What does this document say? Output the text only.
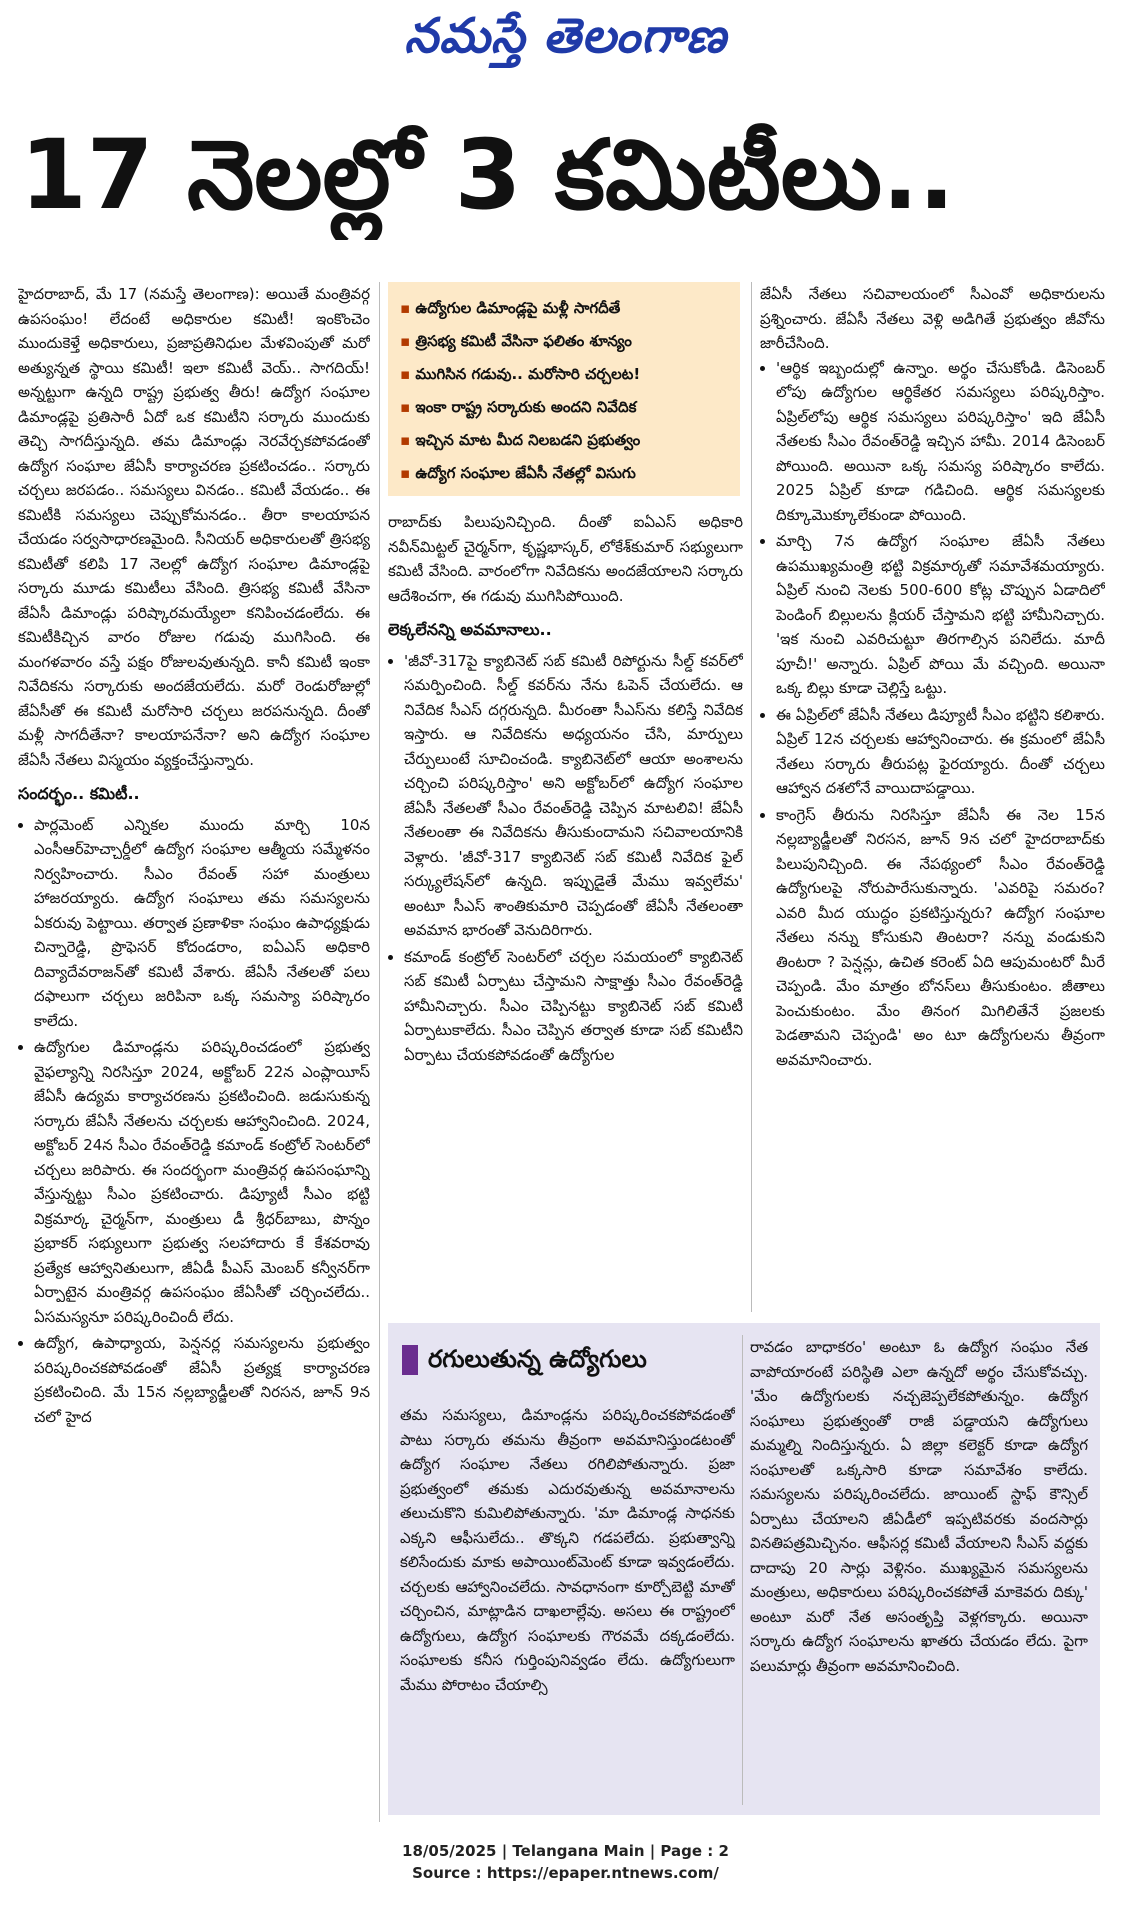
నమస్తే తెలంగాణ
17 నెలల్లో 3 కమిటీలు..

హైదరాబాద్, మే 17 (నమస్తే తెలంగాణ): అయితే మంత్రివర్గ ఉపసంఘం! లేదంటే అధికారుల కమిటీ! ఇంకొంచెం ముందుకెళ్తే అధికారులు, ప్రజాప్రతినిధుల మేళవింపుతో మరో అత్యున్నత స్థాయి కమిటీ! ఇలా కమిటీ వెయ్.. సాగదియ్! అన్నట్టుగా ఉన్నది రాష్ట్ర ప్రభుత్వ తీరు! ఉద్యోగ సంఘాల డిమాండ్లపై ప్రతిసారీ ఏదో ఒక కమిటీని సర్కారు ముందుకు తెచ్చి సాగదీస్తున్నది. తమ డిమాండ్లు నెరవేర్చకపోవడంతో ఉద్యోగ సంఘాల జేఏసీ కార్యాచరణ ప్రకటించడం.. సర్కారు చర్చలు జరపడం.. సమస్యలు వినడం.. కమిటీ వేయడం.. ఈ కమిటీకి సమస్యలు చెప్పుకోమనడం.. తీరా కాలయాపన చేయడం సర్వసాధారణమైంది. సీనియర్ అధికారులతో త్రిసభ్య కమిటీతో కలిపి 17 నెలల్లో ఉద్యోగ సంఘాల డిమాండ్లపై సర్కారు మూడు కమిటీలు వేసింది. త్రిసభ్య కమిటీ వేసినా జేఏసీ డిమాండ్లు పరిష్కారమయ్యేలా కనిపించడంలేదు. ఈ కమిటీకిచ్చిన వారం రోజుల గడువు ముగిసింది. ఈ మంగళవారం వస్తే పక్షం రోజులవుతున్నది. కానీ కమిటీ ఇంకా నివేదికను సర్కారుకు అందజేయలేదు. మరో రెండురోజుల్లో జేఏసీతో ఈ కమిటీ మరోసారి చర్చలు జరపనున్నది. దీంతో మళ్లీ సాగదీతేనా? కాలయాపనేనా? అని ఉద్యోగ సంఘాల జేఏసీ నేతలు విస్మయం వ్యక్తంచేస్తున్నారు.

సందర్భం.. కమిటీ..
• పార్లమెంట్ ఎన్నికల ముందు మార్చి 10న ఎంసీఆర్‌హెచ్చార్డీలో ఉద్యోగ సంఘాల ఆత్మీయ సమ్మేళనం నిర్వహించారు. సీఎం రేవంత్ సహా మంత్రులు హాజరయ్యారు. ఉద్యోగ సంఘాలు తమ సమస్యలను ఏకరువు పెట్టాయి. తర్వాత ప్రణాళికా సంఘం ఉపాధ్యక్షుడు చిన్నారెడ్డి, ప్రొఫెసర్ కోదండరాం, ఐఏఎస్ అధికారి దివ్యాదేవరాజన్‌తో కమిటీ వేశారు. జేఏసీ నేతలతో పలు దఫాలుగా చర్చలు జరిపినా ఒక్క సమస్యా పరిష్కారం కాలేదు.
• ఉద్యోగుల డిమాండ్లను పరిష్కరించడంలో ప్రభుత్వ వైఫల్యాన్ని నిరసిస్తూ 2024, అక్టోబర్ 22న ఎంప్లాయీస్ జేఏసీ ఉద్యమ కార్యాచరణను ప్రకటించింది. జడుసుకున్న సర్కారు జేఏసీ నేతలను చర్చలకు ఆహ్వానించింది. 2024, అక్టోబర్ 24న సీఎం రేవంత్‌రెడ్డి కమాండ్ కంట్రోల్ సెంటర్‌లో చర్చలు జరిపారు. ఈ సందర్భంగా మంత్రివర్గ ఉపసంఘాన్ని వేస్తున్నట్టు సీఎం ప్రకటించారు. డిప్యూటీ సీఎం భట్టి విక్రమార్క చైర్మన్‌గా, మంత్రులు డీ శ్రీధర్‌బాబు, పొన్నం ప్రభాకర్ సభ్యులుగా ప్రభుత్వ సలహాదారు కే కేశవరావు ప్రత్యేక ఆహ్వానితులుగా, జీఏడీ పీఎస్ మెంబర్ కన్వీనర్‌గా ఏర్పాటైన మంత్రివర్గ ఉపసంఘం జేఏసీతో చర్చించలేదు.. ఏసమస్యనూ పరిష్కరించిందీ లేదు.
• ఉద్యోగ, ఉపాధ్యాయ, పెన్షనర్ల సమస్యలను ప్రభుత్వం పరిష్కరించకపోవడంతో జేఏసీ ప్రత్యక్ష కార్యాచరణ ప్రకటించింది. మే 15న నల్లబ్యాడ్జీలతో నిరసన, జూన్ 9న చలో హైద
▪ ఉద్యోగుల డిమాండ్లపై మళ్లీ సాగదీతే
▪ త్రిసభ్య కమిటీ వేసినా ఫలితం శూన్యం
▪ ముగిసిన గడువు.. మరోసారి చర్చలట!
▪ ఇంకా రాష్ట్ర సర్కారుకు అందని నివేదిక
▪ ఇచ్చిన మాట మీద నిలబడని ప్రభుత్వం
▪ ఉద్యోగ సంఘాల జేఏసీ నేతల్లో విసుగు

రాబాద్‌కు పిలుపునిచ్చింది. దీంతో ఐఏఎస్ అధికారి నవీన్‌మిట్టల్ చైర్మన్‌గా, కృష్ణభాస్కర్, లోకేశ్‌కుమార్ సభ్యులుగా కమిటీ వేసింది. వారంలోగా నివేదికను అందజేయాలని సర్కారు ఆదేశించగా, ఈ గడువు ముగిసిపోయింది.

లెక్కలేనన్ని అవమానాలు..
• 'జీవో-317పై క్యాబినెట్ సబ్ కమిటీ రిపోర్టును సీల్డ్ కవర్‌లో సమర్పించింది. సీల్డ్ కవర్‌ను నేను ఓపెన్ చేయలేదు. ఆ నివేదిక సీఎస్ దగ్గరున్నది. మీరంతా సీఎస్‌ను కలిస్తే నివేదిక ఇస్తారు. ఆ నివేదికను అధ్యయనం చేసి, మార్పులు చేర్పులుంటే సూచించండి. క్యాబినెట్‌లో ఆయా అంశాలను చర్చించి పరిష్కరిస్తాం' అని అక్టోబర్‌లో ఉద్యోగ సంఘాల జేఏసీ నేతలతో సీఎం రేవంత్‌రెడ్డి చెప్పిన మాటలివి! జేఏసీ నేతలంతా ఈ నివేదికను తీసుకుందామని సచివాలయానికి వెళ్లారు. 'జీవో-317 క్యాబినెట్ సబ్ కమిటీ నివేదిక ఫైల్ సర్క్యులేషన్‌లో ఉన్నది. ఇప్పుడైతే మేము ఇవ్వలేమ' అంటూ సీఎస్ శాంతికుమారి చెప్పడంతో జేఏసీ నేతలంతా అవమాన భారంతో వెనుదిరిగారు.
• కమాండ్ కంట్రోల్ సెంటర్‌లో చర్చల సమయంలో క్యాబినెట్ సబ్ కమిటీ ఏర్పాటు చేస్తామని సాక్షాత్తు సీఎం రేవంత్‌రెడ్డి హామీనిచ్చారు. సీఎం చెప్పినట్టు క్యాబినెట్ సబ్ కమిటీ ఏర్పాటుకాలేదు. సీఎం చెప్పిన తర్వాత కూడా సబ్ కమిటీని ఏర్పాటు చేయకపోవడంతో ఉద్యోగుల

జేఏసీ నేతలు సచివాలయంలో సీఎంవో అధికారులను ప్రశ్నించారు. జేఏసీ నేతలు వెళ్లి అడిగితే ప్రభుత్వం జీవోను జారీచేసింది.

• 'ఆర్థిక ఇబ్బందుల్లో ఉన్నాం. అర్థం చేసుకోండి. డిసెంబర్ లోపు ఉద్యోగుల ఆర్థికేతర సమస్యలు పరిష్కరిస్తాం. ఏప్రిల్‌లోపు ఆర్థిక సమస్యలు పరిష్కరిస్తాం' ఇది జేఏసీ నేతలకు సీఎం రేవంత్‌రెడ్డి ఇచ్చిన హామీ. 2014 డిసెంబర్ పోయింది. అయినా ఒక్క సమస్య పరిష్కారం కాలేదు. 2025 ఏప్రిల్ కూడా గడిచింది. ఆర్థిక సమస్యలకు దిక్కూమొక్కూలేకుండా పోయింది.
• మార్చి 7న ఉద్యోగ సంఘాల జేఏసీ నేతలు ఉపముఖ్యమంత్రి భట్టి విక్రమార్కతో సమావేశమయ్యారు. ఏప్రిల్ నుంచి నెలకు 500-600 కోట్ల చొప్పున ఏడాదిలో పెండింగ్ బిల్లులను క్లియర్ చేస్తామని భట్టి హామీనిచ్చారు. 'ఇక నుంచి ఎవరిచుట్టూ తిరగాల్సిన పనిలేదు. మాదీ పూచీ!' అన్నారు. ఏప్రిల్ పోయి మే వచ్చింది. అయినా ఒక్క బిల్లు కూడా చెల్లిస్తే ఒట్టు.
• ఈ ఏప్రిల్‌లో జేఏసీ నేతలు డిప్యూటీ సీఎం భట్టిని కలిశారు. ఏప్రిల్ 12న చర్చలకు ఆహ్వానించారు. ఈ క్రమంలో జేఏసీ నేతలు సర్కారు తీరుపట్ల ఫైరయ్యారు. దీంతో చర్చలు ఆహ్వాన దశలోనే వాయిదాపడ్డాయి.
• కాంగ్రెస్ తీరును నిరసిస్తూ జేఏసీ ఈ నెల 15న నల్లబ్యాడ్జీలతో నిరసన, జూన్ 9న చలో హైదరాబాద్‌కు పిలుపునిచ్చింది. ఈ నేపథ్యంలో సీఎం రేవంత్‌రెడ్డి ఉద్యోగులపై నోరుపారేసుకున్నారు. 'ఎవరిపై సమరం? ఎవరి మీద యుద్ధం ప్రకటిస్తున్నరు? ఉద్యోగ సంఘాల నేతలు నన్ను కోసుకుని తింటరా? నన్ను వండుకుని తింటరా ? పెన్షన్లు, ఉచిత కరెంట్ ఏది ఆపుమంటరో మీరే చెప్పండి. మేం మాత్రం బోనస్‌లు తీసుకుంటం. జీతాలు పెంచుకుంటం. మేం తినంగ మిగిలితేనే ప్రజలకు పెడతామని చెప్పండి' అం టూ ఉద్యోగులను తీవ్రంగా అవమానించారు.
రగులుతున్న ఉద్యోగులు
తమ సమస్యలు, డిమాండ్లను పరిష్కరించకపోవడంతో పాటు సర్కారు తమను తీవ్రంగా అవమానిస్తుండటంతో ఉద్యోగ సంఘాల నేతలు రగిలిపోతున్నారు. ప్రజా ప్రభుత్వంలో తమకు ఎదురవుతున్న అవమానాలను తలుచుకొని కుమిలిపోతున్నారు. 'మా డిమాండ్ల సాధనకు ఎక్కని ఆఫీసులేదు.. తొక్కని గడపలేదు. ప్రభుత్వాన్ని కలిసేందుకు మాకు అపాయింట్‌మెంట్ కూడా ఇవ్వడంలేదు. చర్చలకు ఆహ్వానించలేదు. సావధానంగా కూర్చోబెట్టి మాతో చర్చించిన, మాట్లాడిన దాఖలాల్లేవు. అసలు ఈ రాష్ట్రంలో ఉద్యోగులు, ఉద్యోగ సంఘాలకు గౌరవమే దక్కడంలేదు. సంఘాలకు కనీస గుర్తింపునివ్వడం లేదు. ఉద్యోగులుగా మేము పోరాటం చేయాల్సి
రావడం బాధాకరం' అంటూ ఓ ఉద్యోగ సంఘం నేత వాపోయారంటే పరిస్థితి ఎలా ఉన్నదో అర్థం చేసుకోవచ్చు. 'మేం ఉద్యోగులకు నచ్చజెప్పలేకపోతున్నం. ఉద్యోగ సంఘాలు ప్రభుత్వంతో రాజీ పడ్డాయని ఉద్యోగులు మమ్మల్ని నిందిస్తున్నరు. ఏ జిల్లా కలెక్టర్ కూడా ఉద్యోగ సంఘాలతో ఒక్కసారి కూడా సమావేశం కాలేదు. సమస్యలను పరిష్కరించలేదు. జాయింట్ స్టాఫ్ కౌన్సిల్ ఏర్పాటు చేయాలని జీఏడీలో ఇప్పటివరకు వందసార్లు వినతిపత్రమిచ్చినం. ఆఫీసర్ల కమిటీ వేయాలని సీఎస్ వద్దకు దాదాపు 20 సార్లు వెళ్లినం. ముఖ్యమైన సమస్యలను మంత్రులు, అధికారులు పరిష్కరించకపోతే మాకెవరు దిక్కు' అంటూ మరో నేత అసంతృప్తి వెళ్లగక్కారు. అయినా సర్కారు ఉద్యోగ సంఘాలను ఖాతరు చేయడం లేదు. పైగా పలుమార్లు తీవ్రంగా అవమానించింది.
18/05/2025 | Telangana Main | Page : 2
Source : https://epaper.ntnews.com/
